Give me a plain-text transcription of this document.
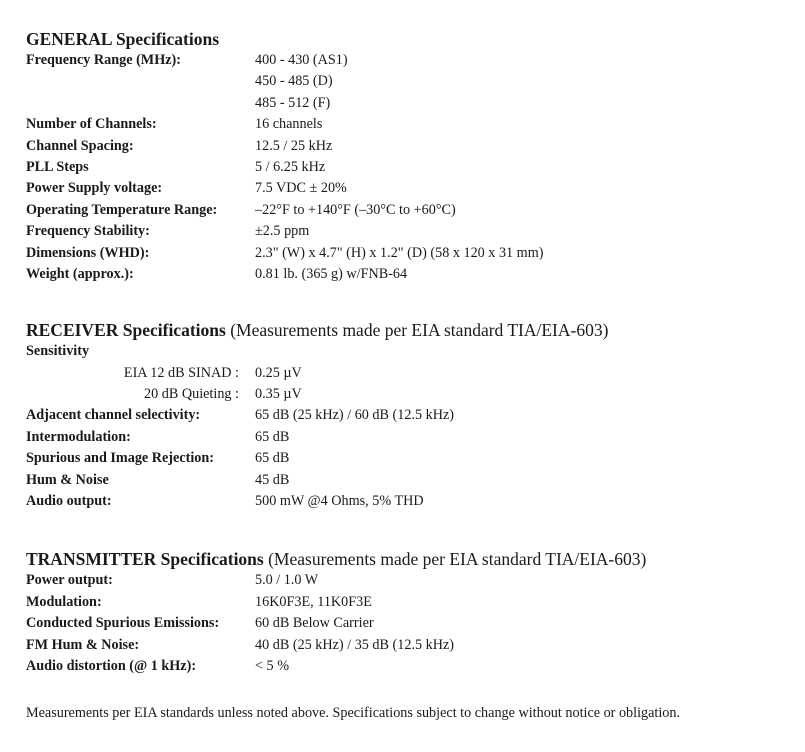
GENERAL Specifications
Frequency Range (MHz):	400 - 430 (AS1)
450 - 485 (D)
485 - 512 (F)
Number of Channels:	16 channels
Channel Spacing:	12.5 / 25 kHz
PLL Steps	5 / 6.25 kHz
Power Supply voltage:	7.5 VDC ± 20%
Operating Temperature Range:	–22°F to +140°F (–30°C to +60°C)
Frequency Stability:	±2.5 ppm
Dimensions (WHD):	2.3" (W) x 4.7" (H) x 1.2" (D) (58 x 120 x 31 mm)
Weight (approx.):	0.81 lb. (365 g) w/FNB-64
RECEIVER Specifications (Measurements made per EIA standard TIA/EIA-603)
Sensitivity
EIA 12 dB SINAD : 0.25 µV
20 dB Quieting : 0.35 µV
Adjacent channel selectivity:	65 dB (25 kHz) / 60 dB (12.5 kHz)
Intermodulation:	65 dB
Spurious and Image Rejection:	65 dB
Hum & Noise	45 dB
Audio output:	500 mW @4 Ohms, 5% THD
TRANSMITTER Specifications (Measurements made per EIA standard TIA/EIA-603)
Power output:	5.0 / 1.0 W
Modulation:	16K0F3E, 11K0F3E
Conducted Spurious Emissions:	60 dB Below Carrier
FM Hum & Noise:	40 dB (25 kHz) / 35 dB (12.5 kHz)
Audio distortion (@ 1 kHz):	< 5 %
Measurements per EIA standards unless noted above. Specifications subject to change without notice or obligation.
